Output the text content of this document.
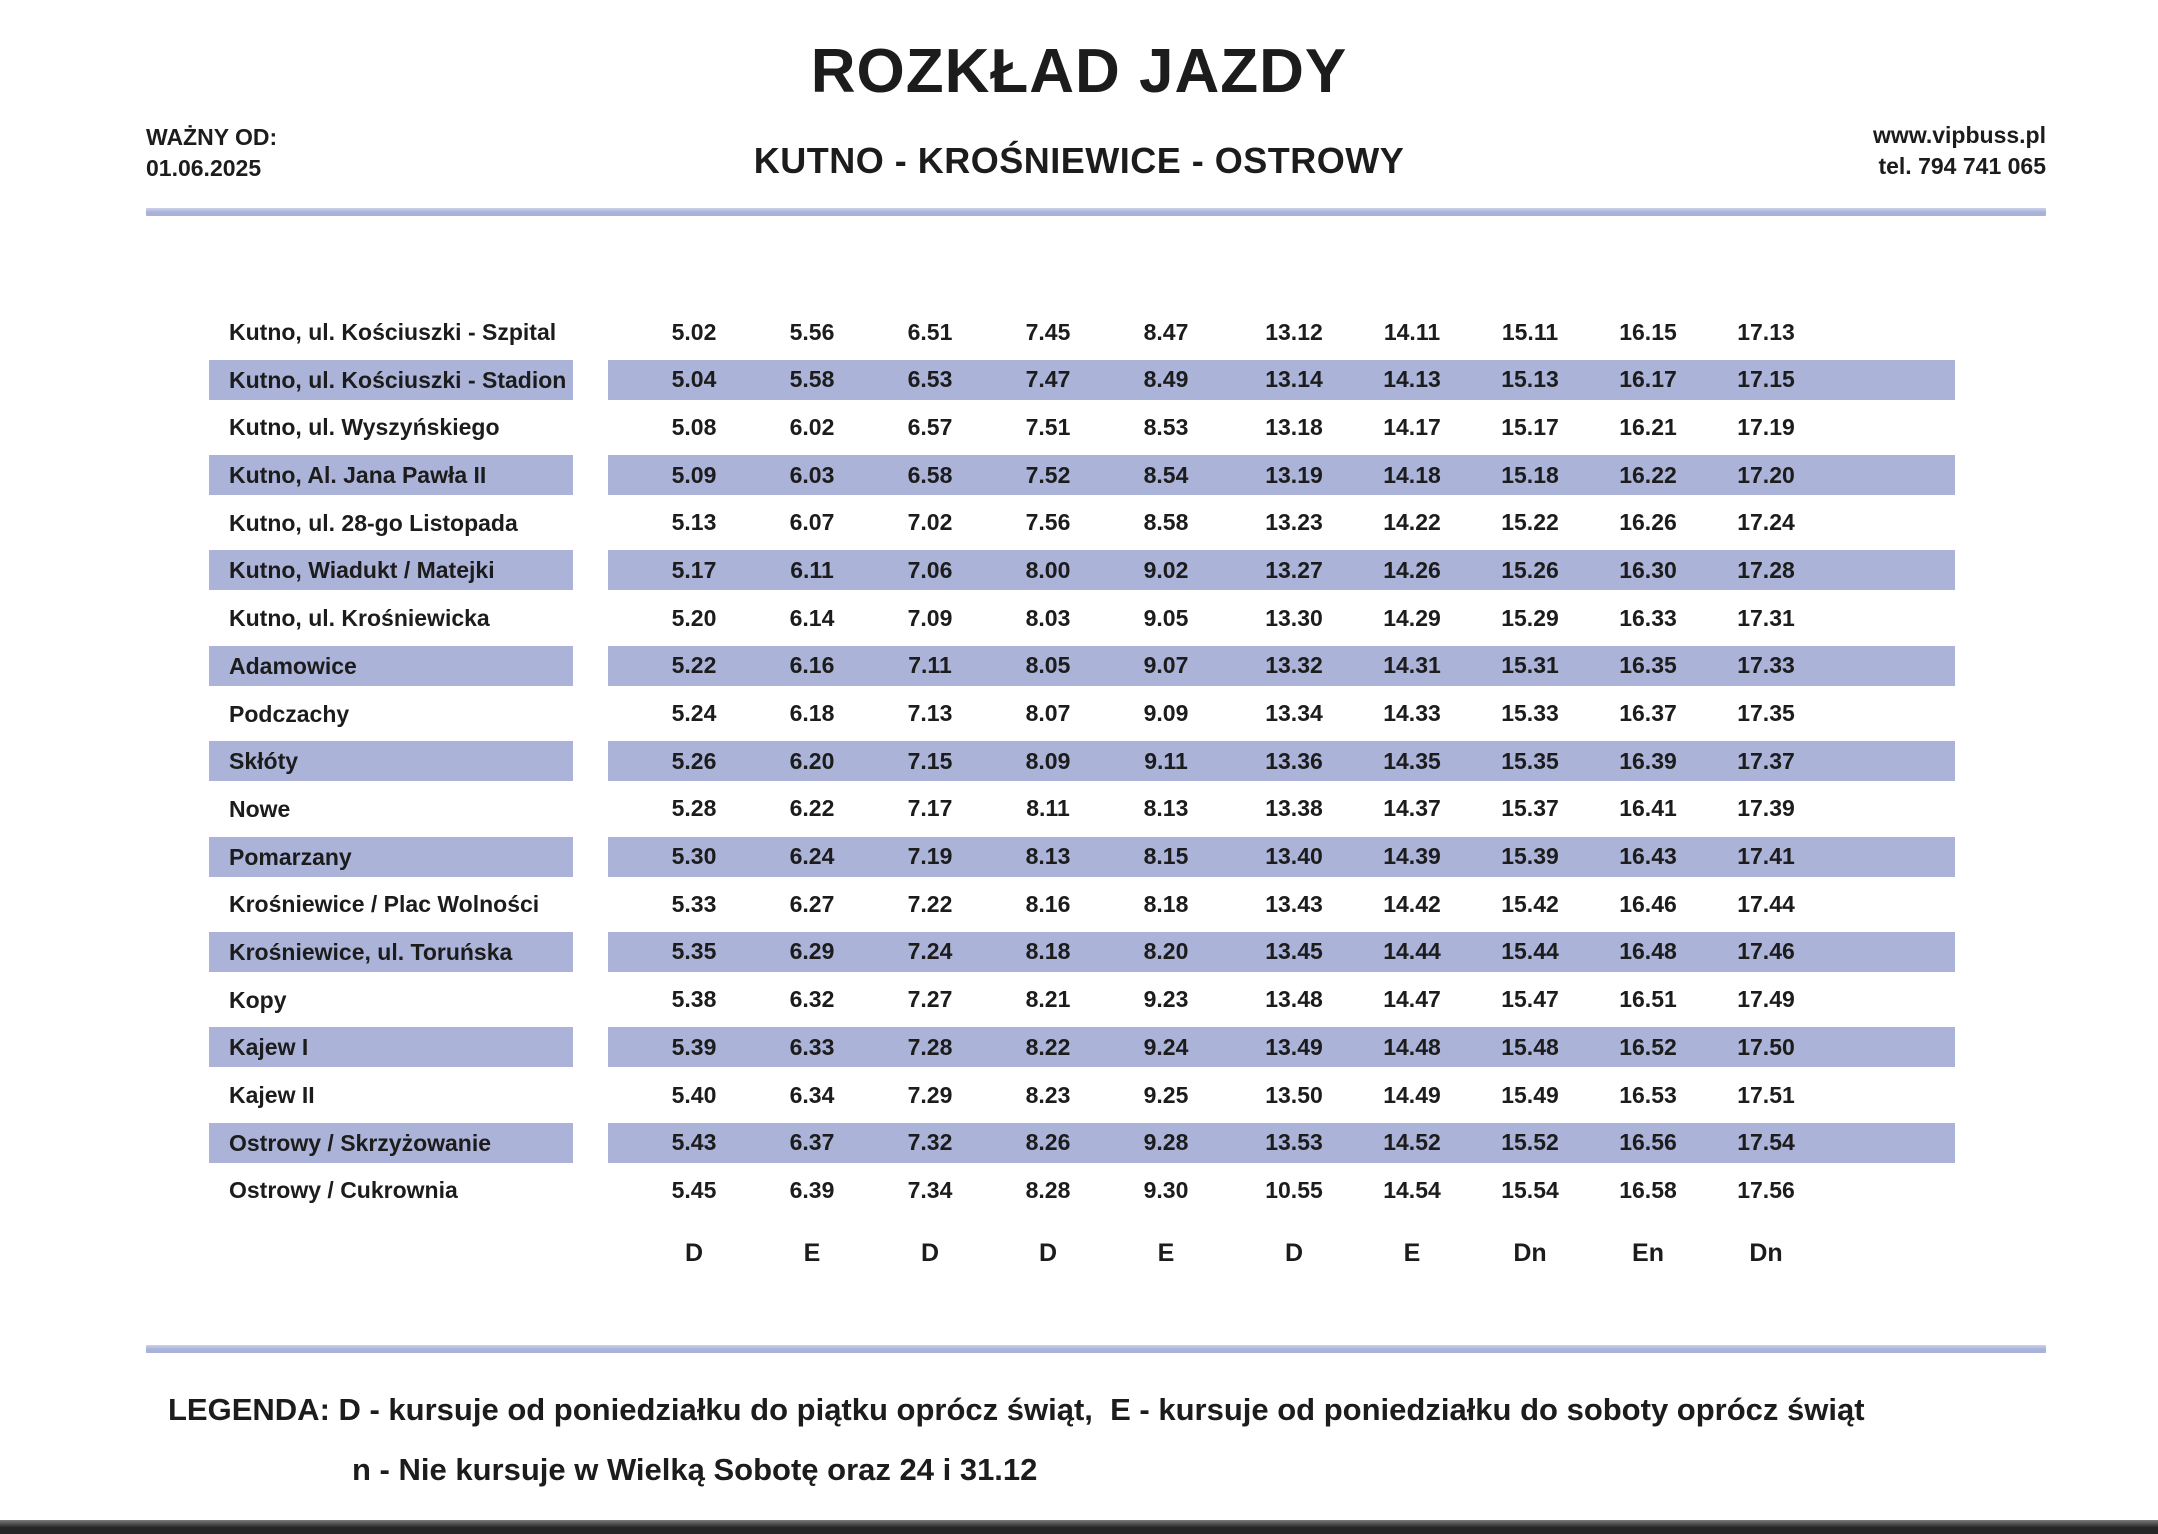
WAŻNY OD:
01.06.2025
ROZKŁAD JAZDY
KUTNO - KROŚNIEWICE - OSTROWY
www.vipbuss.pl
tel. 794 741 065
Kutno, ul. Kościuszki - Szpital	5.02	5.56	6.51	7.45	8.47	13.12	14.11	15.11	16.15	17.13
Kutno, ul. Kościuszki - Stadion	5.04	5.58	6.53	7.47	8.49	13.14	14.13	15.13	16.17	17.15
Kutno, ul. Wyszyńskiego	5.08	6.02	6.57	7.51	8.53	13.18	14.17	15.17	16.21	17.19
Kutno, Al. Jana Pawła II	5.09	6.03	6.58	7.52	8.54	13.19	14.18	15.18	16.22	17.20
Kutno, ul. 28-go Listopada	5.13	6.07	7.02	7.56	8.58	13.23	14.22	15.22	16.26	17.24
Kutno, Wiadukt / Matejki	5.17	6.11	7.06	8.00	9.02	13.27	14.26	15.26	16.30	17.28
Kutno, ul. Krośniewicka	5.20	6.14	7.09	8.03	9.05	13.30	14.29	15.29	16.33	17.31
Adamowice	5.22	6.16	7.11	8.05	9.07	13.32	14.31	15.31	16.35	17.33
Podczachy	5.24	6.18	7.13	8.07	9.09	13.34	14.33	15.33	16.37	17.35
Skłóty	5.26	6.20	7.15	8.09	9.11	13.36	14.35	15.35	16.39	17.37
Nowe	5.28	6.22	7.17	8.11	8.13	13.38	14.37	15.37	16.41	17.39
Pomarzany	5.30	6.24	7.19	8.13	8.15	13.40	14.39	15.39	16.43	17.41
Krośniewice / Plac Wolności	5.33	6.27	7.22	8.16	8.18	13.43	14.42	15.42	16.46	17.44
Krośniewice, ul. Toruńska	5.35	6.29	7.24	8.18	8.20	13.45	14.44	15.44	16.48	17.46
Kopy	5.38	6.32	7.27	8.21	9.23	13.48	14.47	15.47	16.51	17.49
Kajew I	5.39	6.33	7.28	8.22	9.24	13.49	14.48	15.48	16.52	17.50
Kajew II	5.40	6.34	7.29	8.23	9.25	13.50	14.49	15.49	16.53	17.51
Ostrowy / Skrzyżowanie	5.43	6.37	7.32	8.26	9.28	13.53	14.52	15.52	16.56	17.54
Ostrowy / Cukrownia	5.45	6.39	7.34	8.28	9.30	10.55	14.54	15.54	16.58	17.56
D	E	D	D	E	D	E	Dn	En	Dn
LEGENDA: D - kursuje od poniedziałku do piątku oprócz świąt,  E - kursuje od poniedziałku do soboty oprócz świąt
n - Nie kursuje w Wielką Sobotę oraz 24 i 31.12
